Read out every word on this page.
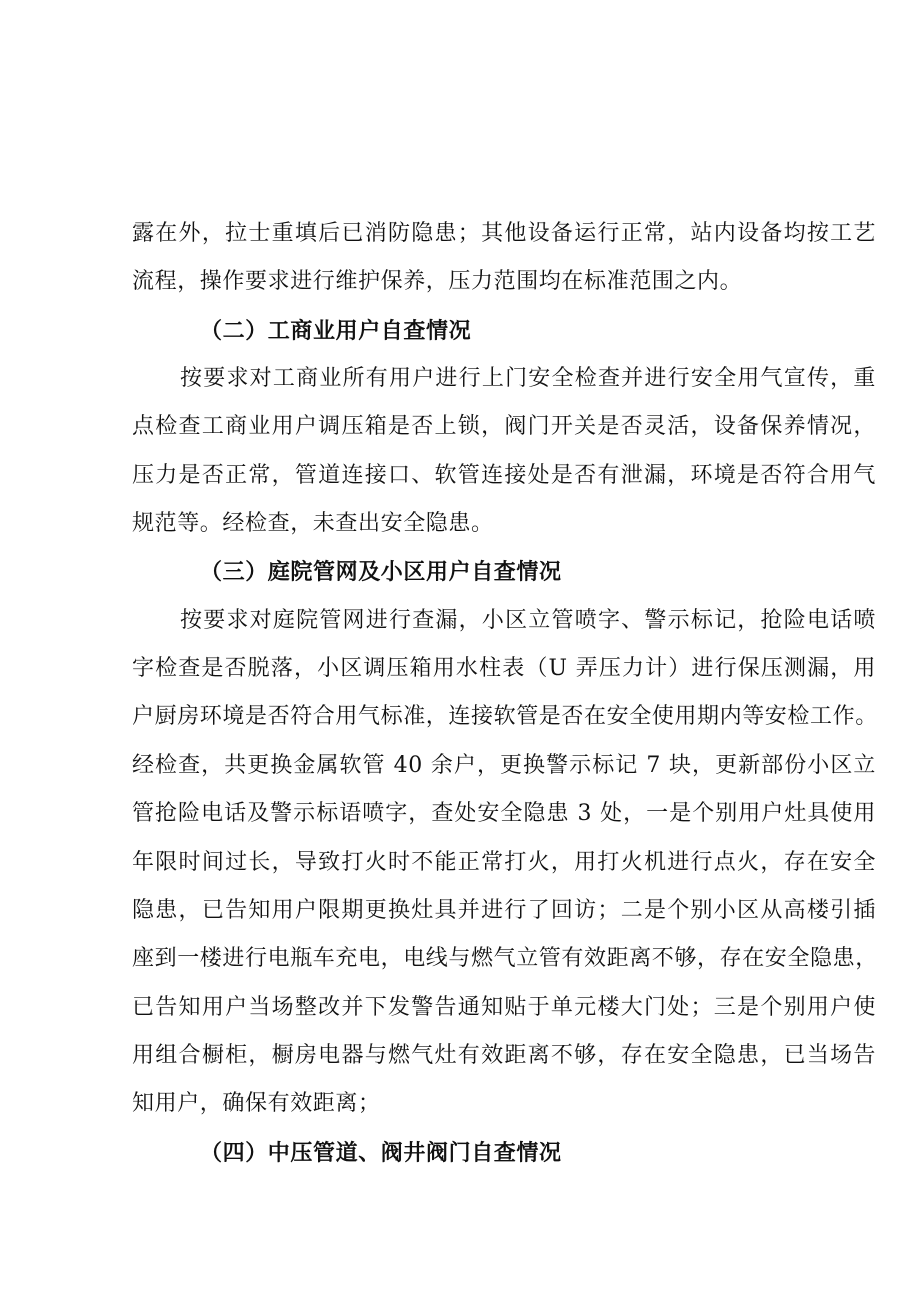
露在外，拉士重填后已消防隐患；其他设备运行正常，站内设备均按工艺
流程，操作要求进行维护保养，压力范围均在标准范围之内。
（二）工商业用户自查情况
按要求对工商业所有用户进行上门安全检查并进行安全用气宣传，重
点检查工商业用户调压箱是否上锁，阀门开关是否灵活，设备保养情况，
压力是否正常，管道连接口、软管连接处是否有泄漏，环境是否符合用气
规范等。经检查，未查出安全隐患。
（三）庭院管网及小区用户自查情况
按要求对庭院管网进行查漏，小区立管喷字、警示标记，抢险电话喷
字检查是否脱落，小区调压箱用水柱表（U 弄压力计）进行保压测漏，用
户厨房环境是否符合用气标准，连接软管是否在安全使用期内等安检工作。
经检查，共更换金属软管 40 余户，更换警示标记 7 块，更新部份小区立
管抢险电话及警示标语喷字，查处安全隐患 3 处，一是个别用户灶具使用
年限时间过长，导致打火时不能正常打火，用打火机进行点火，存在安全
隐患，已告知用户限期更换灶具并进行了回访；二是个别小区从高楼引插
座到一楼进行电瓶车充电，电线与燃气立管有效距离不够，存在安全隐患，
已告知用户当场整改并下发警告通知贴于单元楼大门处；三是个别用户使
用组合橱柜，橱房电器与燃气灶有效距离不够，存在安全隐患，已当场告
知用户，确保有效距离；
（四）中压管道、阀井阀门自查情况
